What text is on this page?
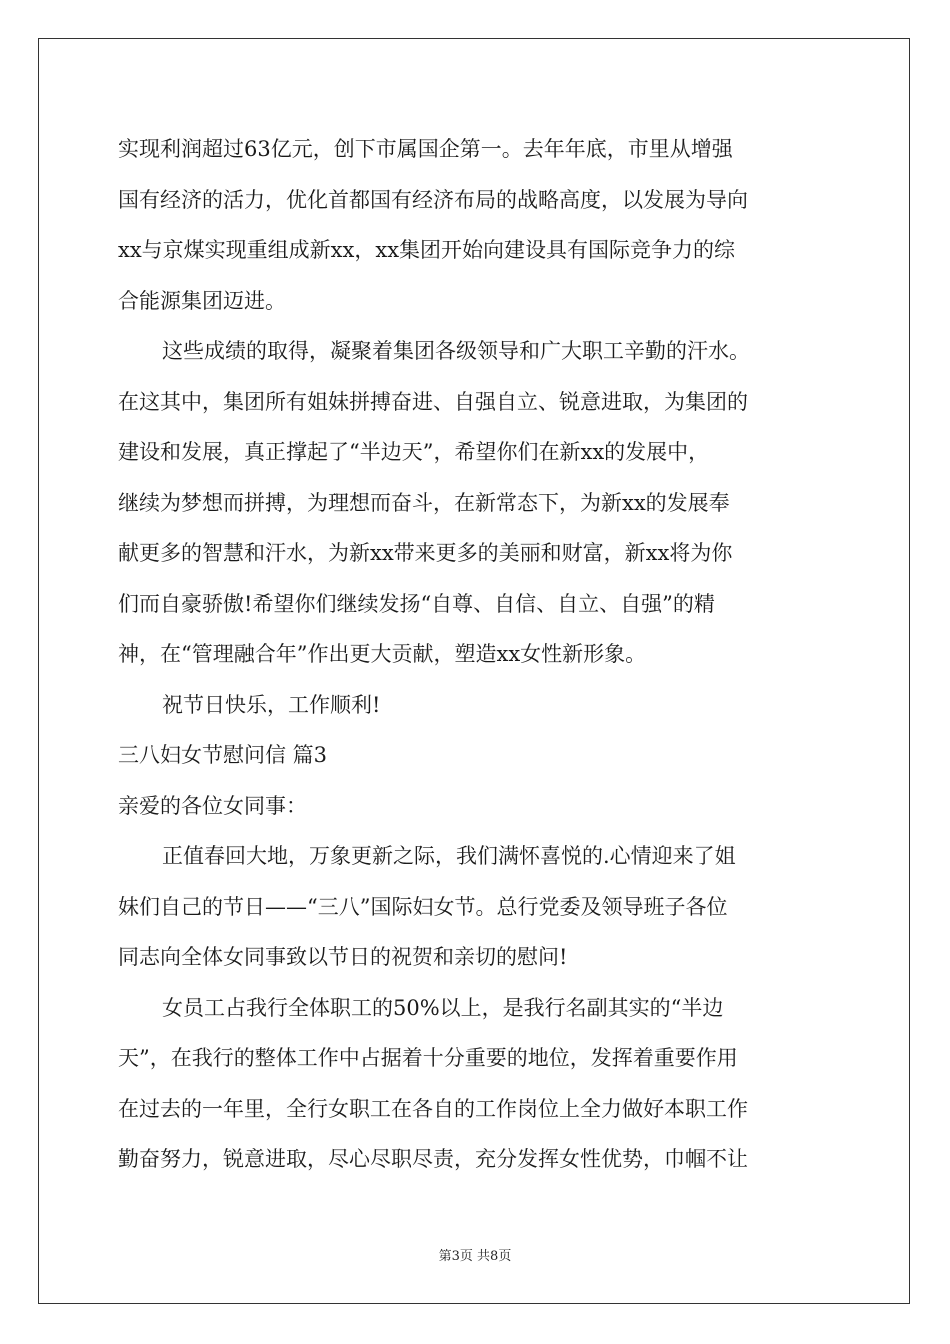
实现利润超过63亿元，创下市属国企第一。去年年底，市里从增强
国有经济的活力，优化首都国有经济布局的战略高度，以发展为导向
xx与京煤实现重组成新xx，xx集团开始向建设具有国际竞争力的综
合能源集团迈进。
这些成绩的取得，凝聚着集团各级领导和广大职工辛勤的汗水。
在这其中，集团所有姐妹拼搏奋进、自强自立、锐意进取，为集团的
建设和发展，真正撑起了“半边天”，希望你们在新xx的发展中，
继续为梦想而拼搏，为理想而奋斗，在新常态下，为新xx的发展奉
献更多的智慧和汗水，为新xx带来更多的美丽和财富，新xx将为你
们而自豪骄傲!希望你们继续发扬“自尊、自信、自立、自强”的精
神，在“管理融合年”作出更大贡献，塑造xx女性新形象。
祝节日快乐，工作顺利!
三八妇女节慰问信 篇3
亲爱的各位女同事：
正值春回大地，万象更新之际，我们满怀喜悦的.心情迎来了姐
妹们自己的节日——“三八”国际妇女节。总行党委及领导班子各位
同志向全体女同事致以节日的祝贺和亲切的慰问!
女员工占我行全体职工的50%以上，是我行名副其实的“半边
天”，在我行的整体工作中占据着十分重要的地位，发挥着重要作用
在过去的一年里，全行女职工在各自的工作岗位上全力做好本职工作
勤奋努力，锐意进取，尽心尽职尽责，充分发挥女性优势，巾帼不让
第3页 共8页
